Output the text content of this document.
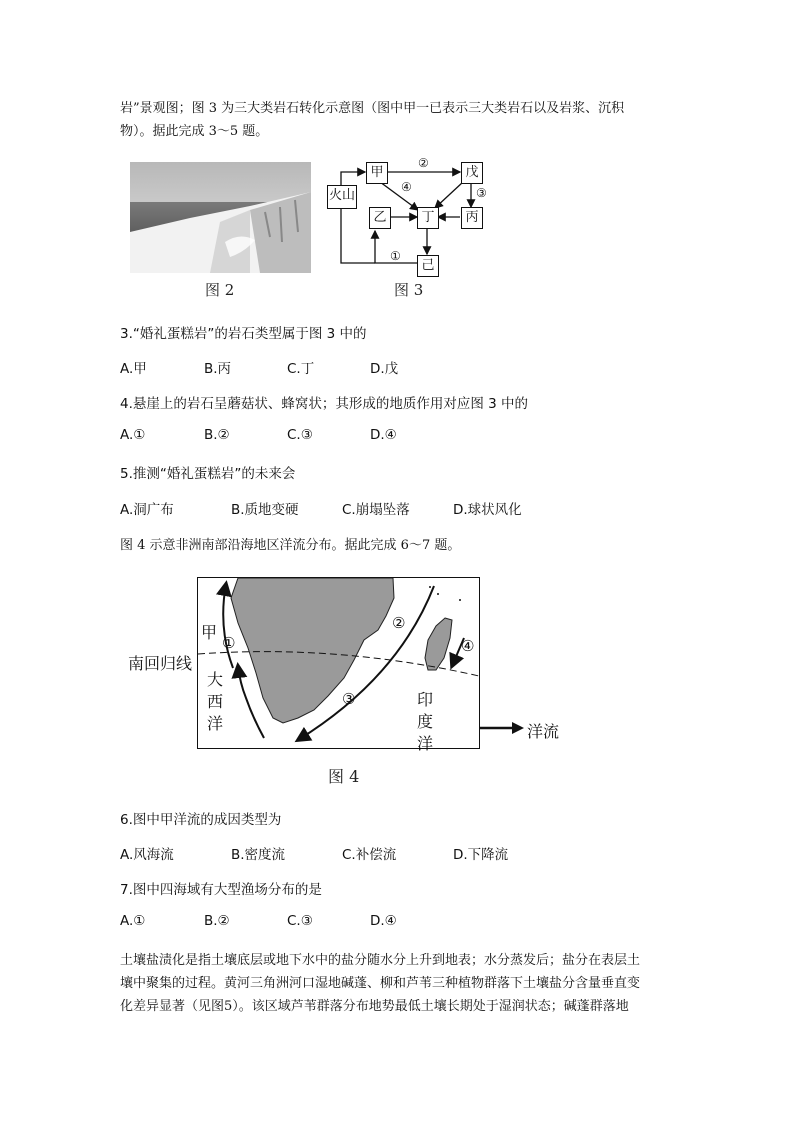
岩”景观图；图 3 为三大类岩石转化示意图（图中甲一已表示三大类岩石以及岩浆、沉积
物）。据此完成 3～5 题。
图 2
火山
甲	戊
乙	丁	丙
己
②
③
④
①
图 3
3.“婚礼蛋糕岩”的岩石类型属于图 3 中的
A.甲	B.丙	C.丁	D.戊
4.悬崖上的岩石呈蘑菇状、蜂窝状；其形成的地质作用对应图 3 中的
A.①	B.②	C.③	D.④
5.推测“婚礼蛋糕岩”的未来会
A.洞广布	B.质地变硬	C.崩塌坠落	D.球状风化
图 4 示意非洲南部沿海地区洋流分布。据此完成 6～7 题。
甲
①
②
③
④
南回归线
大
西
洋
印
度
洋
洋流
图 4
6.图中甲洋流的成因类型为
A.风海流	B.密度流	C.补偿流	D.下降流
7.图中四海域有大型渔场分布的是
A.①	B.②	C.③	D.④
土壤盐渍化是指土壤底层或地下水中的盐分随水分上升到地表；水分蒸发后；盐分在表层土
壤中聚集的过程。黄河三角洲河口湿地碱蓬、柳和芦苇三种植物群落下土壤盐分含量垂直变
化差异显著（见图5）。该区域芦苇群落分布地势最低土壤长期处于湿润状态；碱蓬群落地
